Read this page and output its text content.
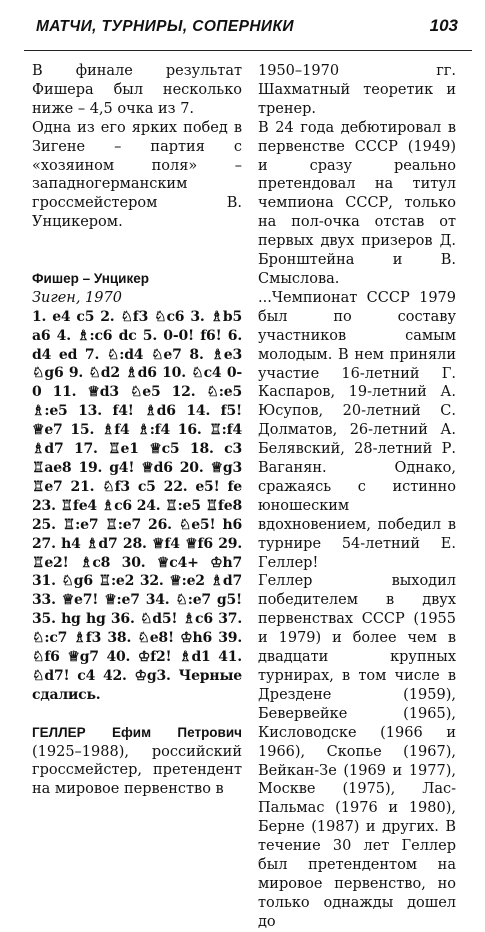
МАТЧИ, ТУРНИРЫ, СОПЕРНИКИ	103

В финале результат Фишера был несколько ниже – 4,5 очка из 7.

Одна из его ярких побед в Зигене – партия с «хозяином поля» – западногерманским гроссмейстером В. Унцикером.

Фишер – Унцикер

Зиген, 1970

1. e4 c5 2. ♘f3 ♘c6 3. ♗b5 a6 4. ♗:c6 dc 5. 0-0! f6! 6. d4 ed 7. ♘:d4 ♘e7 8. ♗e3 ♘g6 9. ♘d2 ♗d6 10. ♘c4 0-0 11. ♕d3 ♘e5 12. ♘:e5 ♗:e5 13. f4! ♗d6 14. f5! ♕e7 15. ♗f4 ♗:f4 16. ♖:f4 ♗d7 17. ♖e1 ♕c5 18. c3 ♖ae8 19. g4! ♕d6 20. ♕g3 ♖e7 21. ♘f3 c5 22. e5! fe 23. ♖fe4 ♗c6 24. ♖:e5 ♖fe8 25. ♖:e7 ♖:e7 26. ♘e5! h6 27. h4 ♗d7 28. ♕f4 ♕f6 29. ♖e2! ♗c8 30. ♕c4+ ♔h7 31. ♘g6 ♖:e2 32. ♕:e2 ♗d7 33. ♕e7! ♕:e7 34. ♘:e7 g5! 35. hg hg 36. ♘d5! ♗c6 37. ♘:c7 ♗f3 38. ♘e8! ♔h6 39. ♘f6 ♕g7 40. ♔f2! ♗d1 41. ♘d7! c4 42. ♔g3. Черные сдались.

ГЕЛЛЕР Ефим Петрович (1925–1988), российский гроссмейстер, претендент на мировое первенство в

1950–1970 гг. Шахматный теоретик и тренер.

В 24 года дебютировал в первенстве СССР (1949) и сразу реально претендовал на титул чемпиона СССР, только на пол-очка отстав от первых двух призеров Д. Бронштейна и В. Смыслова.

...Чемпионат СССР 1979 был по составу участников самым молодым. В нем приняли участие 16-летний Г. Каспаров, 19-летний А. Юсупов, 20-летний С. Долматов, 26-летний А. Белявский, 28-летний Р. Ваганян. Однако, сражаясь с истинно юношеским вдохновением, победил в турнире 54-летний Е. Геллер!

Геллер выходил победителем в двух первенствах СССР (1955 и 1979) и более чем в двадцати крупных турнирах, в том числе в Дрездене (1959), Бевервейке (1965), Кисловодске (1966 и 1966), Скопье (1967), Вейкан-Зе (1969 и 1977), Москве (1975), Лас-Пальмас (1976 и 1980), Берне (1987) и других. В течение 30 лет Геллер был претендентом на мировое первенство, но только однажды дошел до
